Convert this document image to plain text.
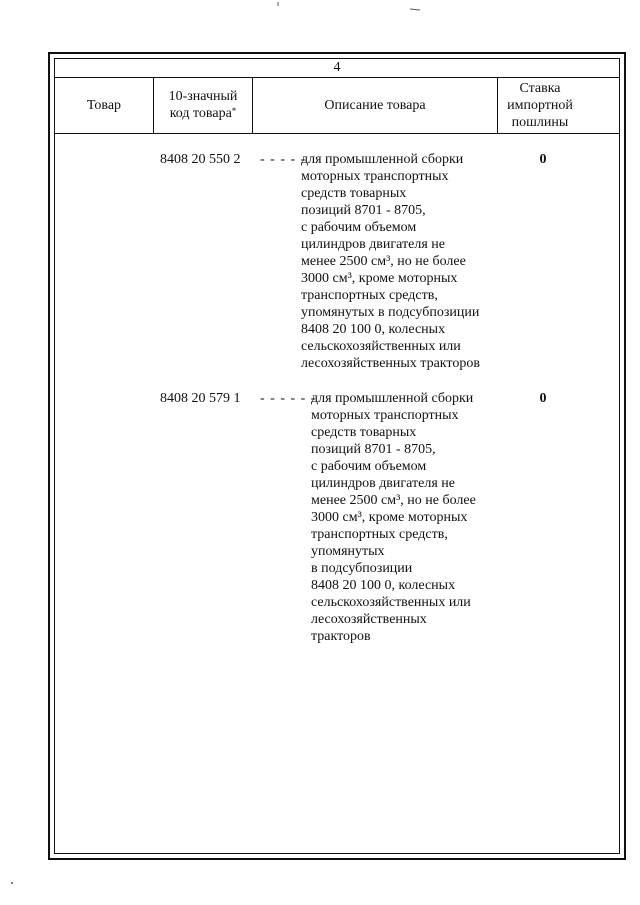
4
Товар
10-значный
код товара*	Описание товара
Ставка
импортной
пошлины
8408 20 550 2 - - - - -
для промышленной сборки
моторных транспортных
средств товарных
позиций 8701 - 8705,
с рабочим объемом
цилиндров двигателя не
менее 2500 см³, но не более
3000 см³, кроме моторных
транспортных средств,
упомянутых в подсубпозиции
8408 20 100 0, колесных
сельскохозяйственных или
лесохозяйственных тракторов
0
8408 20 579 1 - - - - - -
для промышленной сборки
моторных транспортных
средств товарных
позиций 8701 - 8705,
с рабочим объемом
цилиндров двигателя не
менее 2500 см³, но не более
3000 см³, кроме моторных
транспортных средств,
упомянутых
в подсубпозиции
8408 20 100 0, колесных
сельскохозяйственных или
лесохозяйственных
тракторов
0
